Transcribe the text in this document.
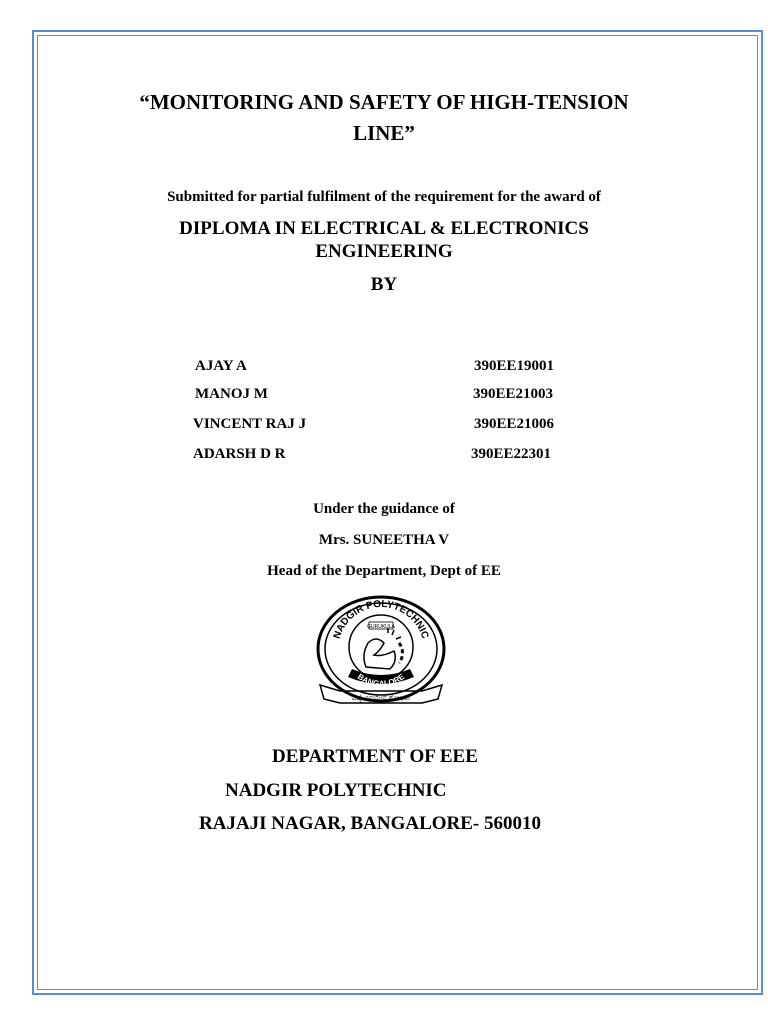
“MONITORING AND SAFETY OF HIGH-TENSION
LINE”
Submitted for partial fulfilment of the requirement for the award of
DIPLOMA IN ELECTRICAL & ELECTRONICS
ENGINEERING
BY
AJAY A	390EE19001
MANOJ M	390EE21003
VINCENT RAJ J	390EE21006
ADARSH D R	390EE22301
Under the guidance of
Mrs. SUNEETHA V
Head of the Department, Dept of EE
NADGIR POLYTECHNIC
GURUKULA
BANGALORE
ವಿದ್ಯೆ ವಿನಯೇನ ಶೋಭತೇ
DEPARTMENT OF EEE
NADGIR POLYTECHNIC
RAJAJI NAGAR, BANGALORE- 560010
